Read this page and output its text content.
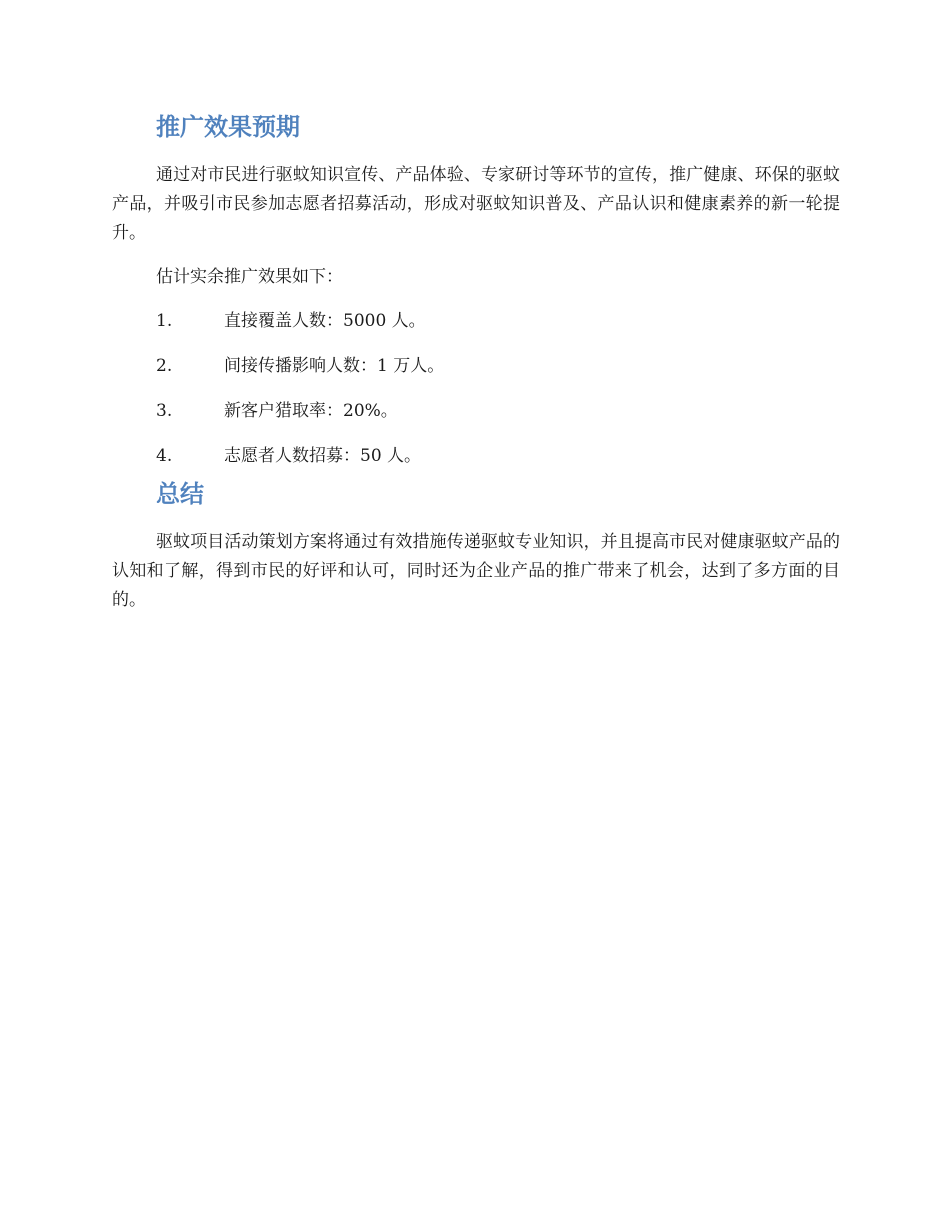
推广效果预期

通过对市民进行驱蚊知识宣传、产品体验、专家研讨等环节的宣传，推广健康、环保的驱蚊产品，并吸引市民参加志愿者招募活动，形成对驱蚊知识普及、产品认识和健康素养的新一轮提升。

估计实余推广效果如下：

1.	直接覆盖人数：5000 人。
2.	间接传播影响人数：1 万人。
3.	新客户猎取率：20%。
4.	志愿者人数招募：50 人。
总结

驱蚊项目活动策划方案将通过有效措施传递驱蚊专业知识，并且提高市民对健康驱蚊产品的认知和了解，得到市民的好评和认可，同时还为企业产品的推广带来了机会，达到了多方面的目的。
